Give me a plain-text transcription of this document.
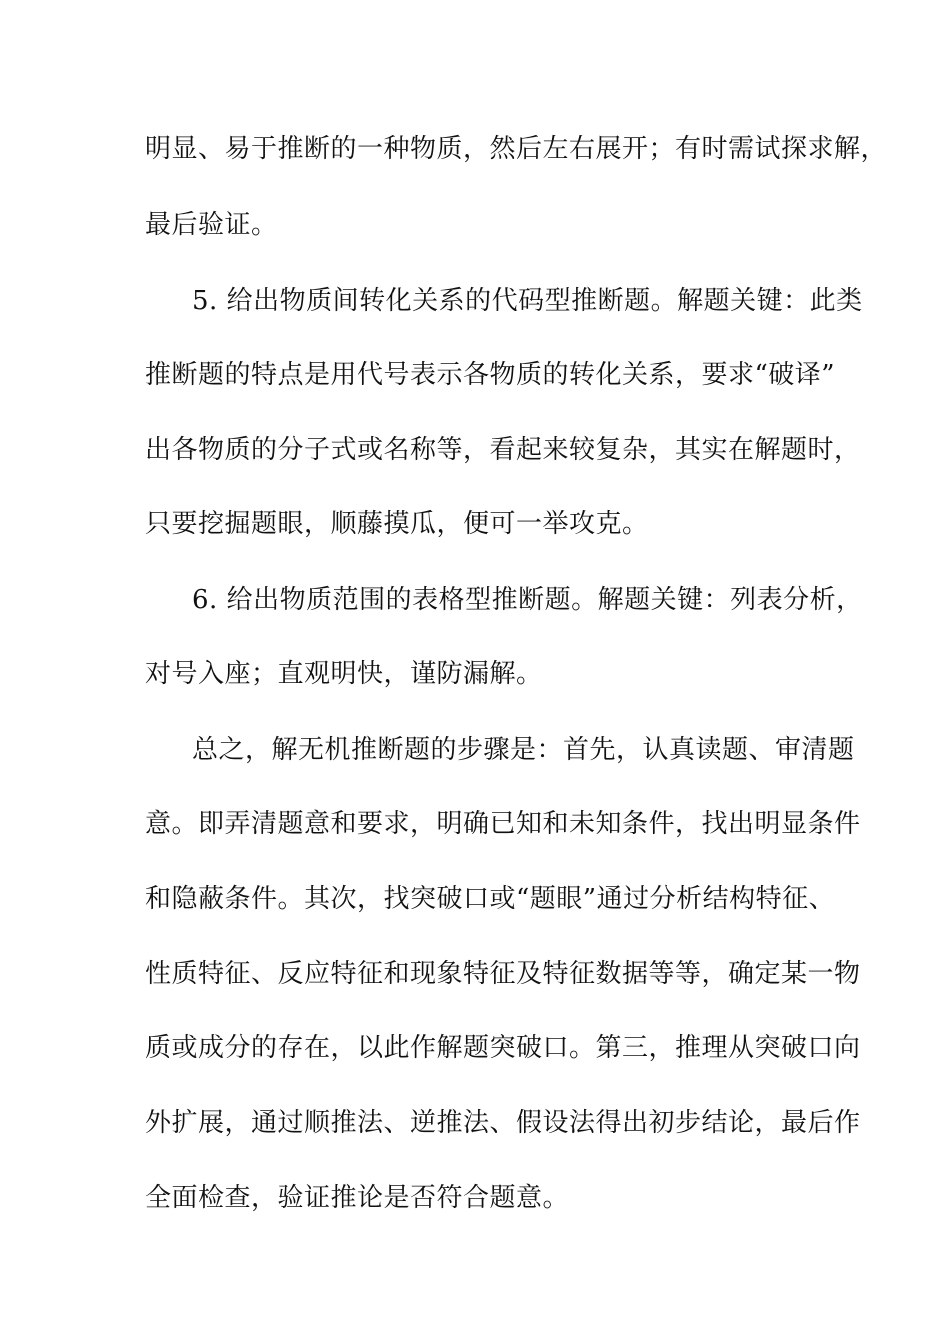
明显、易于推断的一种物质，然后左右展开；有时需试探求解，
最后验证。
5. 给出物质间转化关系的代码型推断题。解题关键：此类
推断题的特点是用代号表示各物质的转化关系，要求“破译”
出各物质的分子式或名称等，看起来较复杂，其实在解题时，
只要挖掘题眼，顺藤摸瓜，便可一举攻克。
6. 给出物质范围的表格型推断题。解题关键：列表分析，
对号入座；直观明快，谨防漏解。
总之，解无机推断题的步骤是：首先，认真读题、审清题
意。即弄清题意和要求，明确已知和未知条件，找出明显条件
和隐蔽条件。其次，找突破口或“题眼”通过分析结构特征、
性质特征、反应特征和现象特征及特征数据等等，确定某一物
质或成分的存在，以此作解题突破口。第三，推理从突破口向
外扩展，通过顺推法、逆推法、假设法得出初步结论，最后作
全面检查，验证推论是否符合题意。
